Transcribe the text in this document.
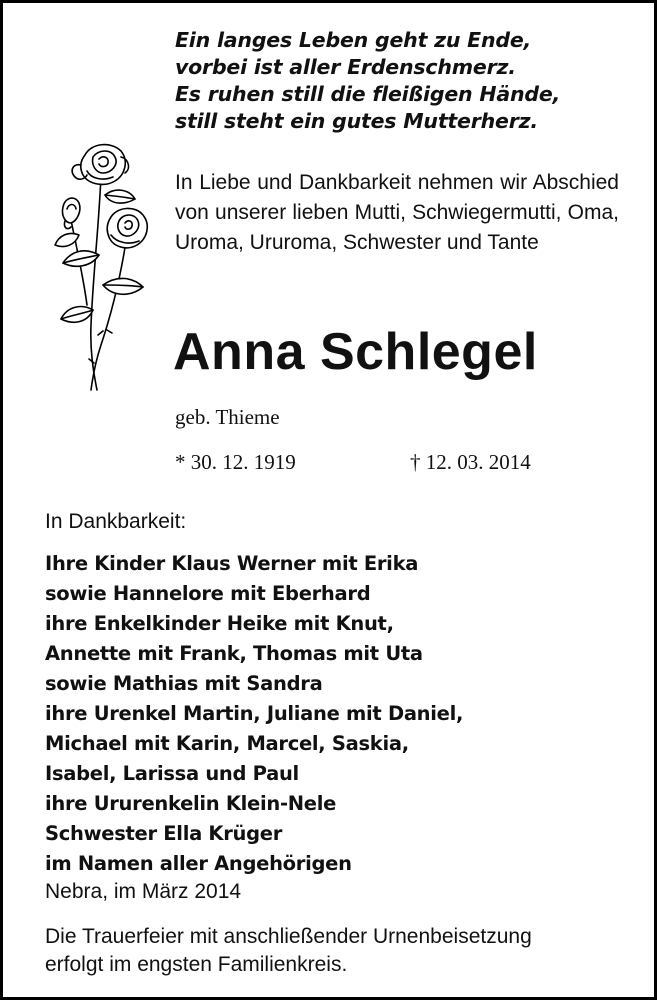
Ein langes Leben geht zu Ende,
vorbei ist aller Erdenschmerz.
Es ruhen still die fleißigen Hände,
still steht ein gutes Mutterherz.

In Liebe und Dankbarkeit nehmen wir Abschied von unserer lieben Mutti, Schwiegermutti, Oma, Uroma, Ururoma, Schwester und Tante

Anna Schlegel

geb. Thieme

* 30. 12. 1919	† 12. 03. 2014

In Dankbarkeit:

Ihre Kinder Klaus Werner mit Erika
sowie Hannelore mit Eberhard
ihre Enkelkinder Heike mit Knut,
Annette mit Frank, Thomas mit Uta
sowie Mathias mit Sandra
ihre Urenkel Martin, Juliane mit Daniel,
Michael mit Karin, Marcel, Saskia,
Isabel, Larissa und Paul
ihre Ururenkelin Klein-Nele
Schwester Ella Krüger
im Namen aller Angehörigen

Nebra, im März 2014

Die Trauerfeier mit anschließender Urnenbeisetzung
erfolgt im engsten Familienkreis.
